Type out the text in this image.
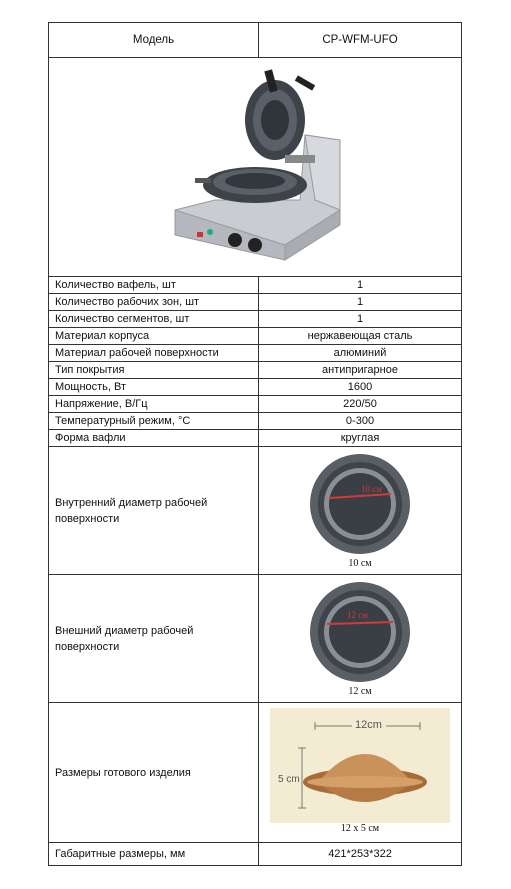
Модель	CP-WFM-UFO

Количество вафель, шт	1
Количество рабочих зон, шт	1
Количество сегментов, шт	1
Материал корпуса	нержавеющая сталь
Материал рабочей поверхности	алюминий
Тип покрытия	антипригарное
Мощность, Вт	1600
Напряжение, В/Гц	220/50
Температурный режим, °С	0-300
Форма вафли	круглая
Внутренний диаметр рабочей поверхности	10 см
10 см

Внешний диаметр рабочей поверхности	12 см
12 см

Размеры готового изделия	12cm
5 cm
12 x 5 см

Габаритные размеры, мм	421*253*322
